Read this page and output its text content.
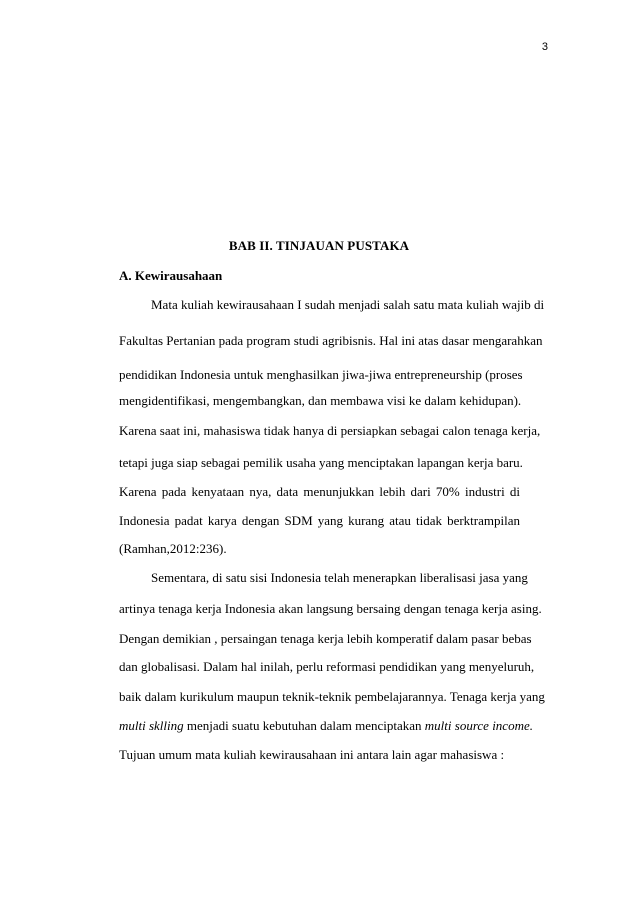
3
BAB II. TINJAUAN PUSTAKA
A. Kewirausahaan
Mata kuliah kewirausahaan I sudah menjadi salah satu mata kuliah wajib di
Fakultas Pertanian pada program studi agribisnis. Hal ini atas dasar mengarahkan
pendidikan Indonesia untuk menghasilkan jiwa-jiwa entrepreneurship (proses
mengidentifikasi, mengembangkan, dan membawa visi ke dalam kehidupan).
Karena saat ini, mahasiswa tidak hanya di persiapkan sebagai calon tenaga kerja,
tetapi juga siap sebagai pemilik usaha yang menciptakan lapangan kerja baru.
Karena pada kenyataan nya, data menunjukkan lebih dari 70% industri di
Indonesia padat karya dengan SDM yang kurang atau tidak berktrampilan
(Ramhan,2012:236).
Sementara, di satu sisi Indonesia telah menerapkan liberalisasi jasa yang
artinya tenaga kerja Indonesia akan langsung bersaing dengan tenaga kerja asing.
Dengan demikian , persaingan tenaga kerja lebih komperatif dalam pasar bebas
dan globalisasi. Dalam hal inilah, perlu reformasi pendidikan yang menyeluruh,
baik dalam kurikulum maupun teknik-teknik pembelajarannya. Tenaga kerja yang
multi sklling menjadi suatu kebutuhan dalam menciptakan multi source income.
Tujuan umum mata kuliah kewirausahaan ini antara lain agar mahasiswa :
